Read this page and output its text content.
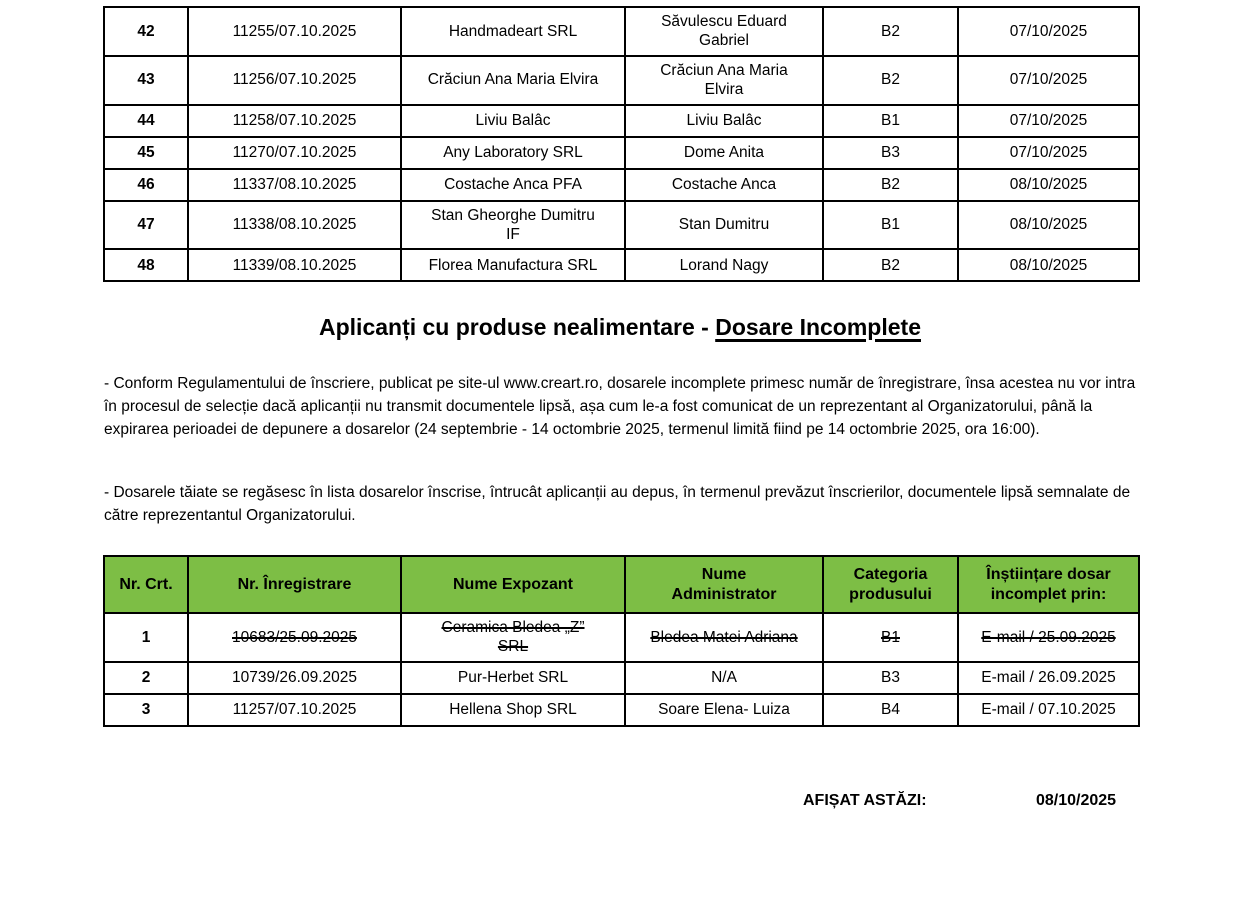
42	11255/07.10.2025	Handmadeart SRL	Săvulescu Eduard
Gabriel	B2	07/10/2025
43	11256/07.10.2025	Crăciun Ana Maria Elvira	Crăciun Ana Maria
Elvira	B2	07/10/2025
44	11258/07.10.2025	Liviu Balâc	Liviu Balâc	B1	07/10/2025
45	11270/07.10.2025	Any Laboratory SRL	Dome Anita	B3	07/10/2025
46	11337/08.10.2025	Costache Anca PFA	Costache Anca	B2	08/10/2025
47	11338/08.10.2025	Stan Gheorghe Dumitru
IF	Stan Dumitru	B1	08/10/2025
48	11339/08.10.2025	Florea Manufactura SRL	Lorand Nagy	B2	08/10/2025
Aplicanți cu produse nealimentare - Dosare Incomplete

- Conform Regulamentului de înscriere, publicat pe site-ul www.creart.ro, dosarele incomplete primesc număr de înregistrare, însa acestea nu vor intra în procesul de selecție dacă aplicanții nu transmit documentele lipsă, așa cum le-a fost comunicat de un reprezentant al Organizatorului, până la expirarea perioadei de depunere a dosarelor (24 septembrie - 14 octombrie 2025, termenul limită fiind pe 14 octombrie 2025, ora 16:00).

- Dosarele tăiate se regăsesc în lista dosarelor înscrise, întrucât aplicanții au depus, în termenul prevăzut înscrierilor, documentele lipsă semnalate de către reprezentantul Organizatorului.

Nr. Crt.	Nr. Înregistrare	Nume Expozant	Nume
Administrator	Categoria
produsului	Înștiințare dosar
incomplet prin:
1	10683/25.09.2025	Ceramica Bledea „Z”
SRL	Bledea Matei Adriana	B1	E-mail / 25.09.2025
2	10739/26.09.2025	Pur-Herbet SRL	N/A	B3	E-mail / 26.09.2025
3	11257/07.10.2025	Hellena Shop SRL	Soare Elena- Luiza	B4	E-mail / 07.10.2025
AFIȘAT ASTĂZI:	08/10/2025
